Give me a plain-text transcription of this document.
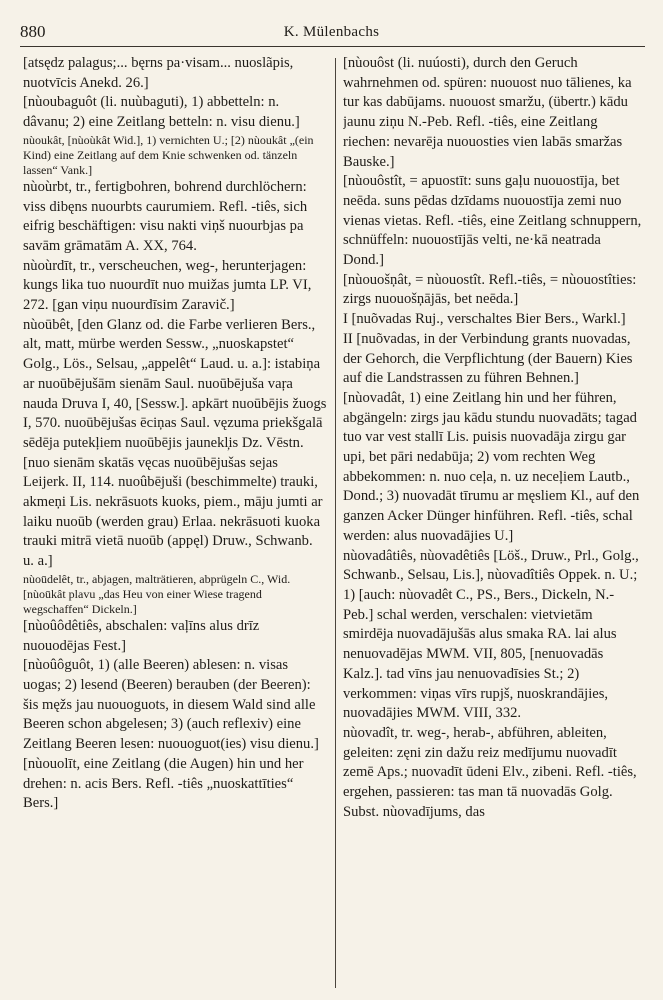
880	K. Mülenbachs

[atsędz palagus;... bęrns pa·visam... nuoslãpis, nuotvīcis Anekd. 26.]

[nùoubaguôt (li. nuùbaguti), 1) abbetteln: n. dâvanu; 2) eine Zeitlang betteln: n. visu dienu.]

nùoukât, [nùoùkât Wid.], 1) vernichten U.; [2) nùoukât „(ein Kind) eine Zeitlang auf dem Knie schwenken od. tänzeln lassen“ Vank.]

nùoùrbt, tr., fertigbohren, bohrend durchlöchern: viss dibęns nuourbts caurumiem. Refl. -tiês, sich eifrig beschäftigen: visu nakti viņš nuourbjas pa savām grāmatām A. XX, 764.

nùoùrdīt, tr., verscheuchen, weg-, herunterjagen: kungs lika tuo nuourdīt nuo muižas jumta LP. VI, 272. [gan viņu nuourdīsim Zaravič.]

nùoūbêt, [den Glanz od. die Farbe verlieren Bers., alt, matt, mürbe werden Sessw., „nuoskapstet“ Golg., Lös., Selsau, „appelêt“ Laud. u. a.]: istabiņa ar nuoūbējušām sienām Saul. nuoūbējuša vaŗa nauda Druva I, 40, [Sessw.]. apkārt nuoūbējis žuogs I, 570. nuoūbējušas ēciņas Saul. vęzuma priekšgalā sēdēja putekļiem nuoūbējis jaunekl̦is Dz. Vēstn. [nuo sienām skatās vęcas nuoūbējušas sejas Leijerk. II, 114. nuoûbējuši (beschimmelte) trauki, akmeņi Lis. nekrāsuots kuoks, piem., māju jumti ar laiku nuoūb (werden grau) Erlaa. nekrāsuoti kuoka trauki mitrā vietā nuoūb (appęl) Druw., Schwanb. u. a.]

nùoūdelêt, tr., abjagen, malträtieren, abprügeln C., Wid.

[nùoūkât plavu „das Heu von einer Wiese tragend wegschaffen“ Dickeln.]

[nùoûôdêtiês, abschalen: vaļīns alus drīz nuouodējas Fest.]

[nùoûôguôt, 1) (alle Beeren) ablesen: n. visas uogas; 2) lesend (Beeren) berauben (der Beeren): šis męžs jau nuouoguots, in diesem Wald sind alle Beeren schon abgelesen; 3) (auch reflexiv) eine Zeitlang Beeren lesen: nuouoguot(ies) visu dienu.]

[nùouolīt, eine Zeitlang (die Augen) hin und her drehen: n. acis Bers. Refl. -tiês „nuoskattīties“ Bers.]

[nùouôst (li. nuúosti), durch den Geruch wahrnehmen od. spüren: nuouost nuo tālienes, ka tur kas dabūjams. nuouost smaržu, (übertr.) kādu jaunu ziņu N.-Peb. Refl. -tiês, eine Zeitlang riechen: nevarēja nuouosties vien labās smaržas Bauske.]

[nùouôstît, = apuostīt: suns gaļu nuouostīja, bet neēda. suns pēdas dzīdams nuouostīja zemi nuo vienas vietas. Refl. -tiês, eine Zeitlang schnuppern, schnüffeln: nuouostījās velti, ne·kā neatrada Dond.]

[nùouošņât, = nùouostît. Refl.-tiês, = nùouostîties: zirgs nuouošņājās, bet neēda.]

I [nuõvadas Ruj., verschaltes Bier Bers., Warkl.]

II [nuõvadas, in der Verbindung grants nuovadas, der Gehorch, die Verpflichtung (der Bauern) Kies auf die Landstrassen zu führen Behnen.]

[nùovadât, 1) eine Zeitlang hin und her führen, abgängeln: zirgs jau kādu stundu nuovadāts; tagad tuo var vest stallī Lis. puisis nuovadāja zirgu gar upi, bet pāri nedabūja; 2) vom rechten Weg abbekommen: n. nuo ceļa, n. uz neceļiem Lautb., Dond.; 3) nuovadāt tīrumu ar męsliem Kl., auf den ganzen Acker Dünger hinführen. Refl. -tiês, schal werden: alus nuovadājies U.]

nùovadâtiês, nùovadêtiês [Löš., Druw., Prl., Golg., Schwanb., Selsau, Lis.], nùovadîtiês Oppek. n. U.; 1) [auch: nùovadêt C., PS., Bers., Dickeln, N.-Peb.] schal werden, verschalen: vietvietām smirdēja nuovadājušās alus smaka RA. lai alus nenuovadējas MWM. VII, 805, [nenuovadās Kalz.]. tad vīns jau nenuovadīsies St.; 2) verkommen: viņas vīrs rupjš, nuoskrandājies, nuovadājies MWM. VIII, 332.

nùovadît, tr. weg-, herab-, abführen, ableiten, geleiten: zęni zin dažu reiz medījumu nuovadīt zemē Aps.; nuovadīt ūdeni Elv., zibeni. Refl. -tiês, ergehen, passieren: tas man tā nuovadās Golg. Subst. nùovadījums, das
